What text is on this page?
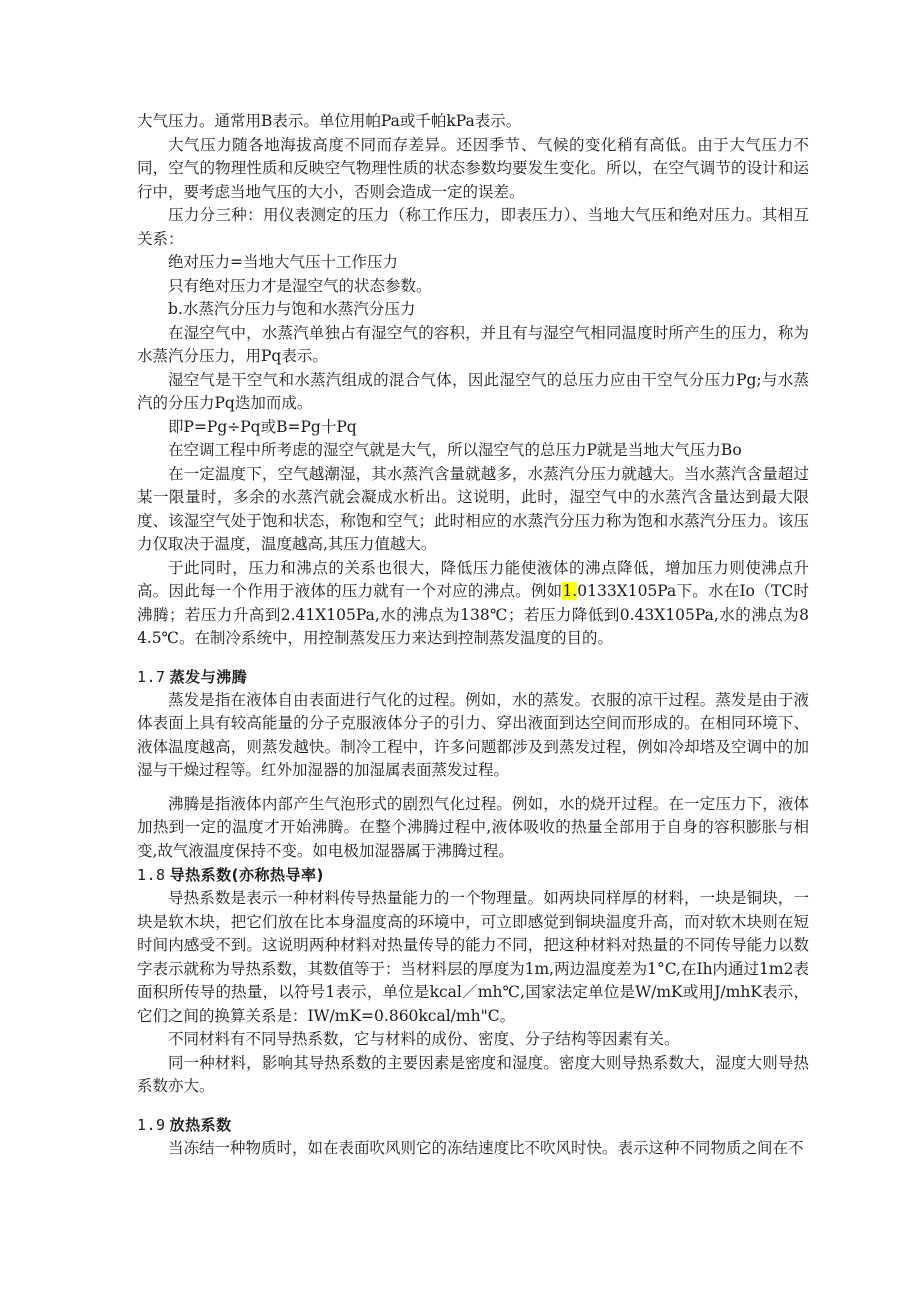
大气压力。通常用B表示。单位用帕Pa或千帕kPa表示。

大气压力随各地海拔高度不同而存差异。还因季节、气候的变化稍有高低。由于大气压力不同，空气的物理性质和反映空气物理性质的状态参数均要发生变化。所以，在空气调节的设计和运行中，要考虑当地气压的大小，否则会造成一定的误差。

压力分三种：用仪表测定的压力（称工作压力，即表压力）、当地大气压和绝对压力。其相互关系：

绝对压力=当地大气压十工作压力

只有绝对压力才是湿空气的状态参数。

b.水蒸汽分压力与饱和水蒸汽分压力

在湿空气中，水蒸汽单独占有湿空气的容积，并且有与湿空气相同温度时所产生的压力，称为水蒸汽分压力，用Pq表示。

湿空气是干空气和水蒸汽组成的混合气体，因此湿空气的总压力应由干空气分压力Pg;与水蒸汽的分压力Pq迭加而成。

即P=Pg÷Pq或B=Pg十Pq

在空调工程中所考虑的湿空气就是大气，所以湿空气的总压力P就是当地大气压力Bo

在一定温度下，空气越潮湿，其水蒸汽含量就越多，水蒸汽分压力就越大。当水蒸汽含量超过某一限量时，多余的水蒸汽就会凝成水析出。这说明，此时，湿空气中的水蒸汽含量达到最大限度、该湿空气处于饱和状态，称饱和空气；此时相应的水蒸汽分压力称为饱和水蒸汽分压力。该压力仅取决于温度，温度越高,其压力值越大。

于此同时，压力和沸点的关系也很大，降低压力能使液体的沸点降低，增加压力则使沸点升高。因此每一个作用于液体的压力就有一个对应的沸点。例如1.0133X105Pa下。水在Io（TC时沸腾；若压力升高到2.41X105Pa,水的沸点为138℃；若压力降低到0.43X105Pa,水的沸点为84.5℃。在制冷系统中，用控制蒸发压力来达到控制蒸发温度的目的。

1.7 蒸发与沸腾

蒸发是指在液体自由表面进行气化的过程。例如，水的蒸发。衣服的凉干过程。蒸发是由于液体表面上具有较高能量的分子克服液体分子的引力、穿出液面到达空间而形成的。在相同环境下、液体温度越高，则蒸发越快。制冷工程中，许多问题都涉及到蒸发过程，例如冷却塔及空调中的加湿与干燥过程等。红外加湿器的加湿属表面蒸发过程。

沸腾是指液体内部产生气泡形式的剧烈气化过程。例如，水的烧开过程。在一定压力下，液体加热到一定的温度才开始沸腾。在整个沸腾过程中,液体吸收的热量全部用于自身的容积膨胀与相变,故气液温度保持不变。如电极加湿器属于沸腾过程。

1.8 导热系数(亦称热导率)

导热系数是表示一种材料传导热量能力的一个物理量。如两块同样厚的材料，一块是铜块，一块是软木块，把它们放在比本身温度高的环境中，可立即感觉到铜块温度升高，而对软木块则在短时间内感受不到。这说明两种材料对热量传导的能力不同，把这种材料对热量的不同传导能力以数字表示就称为导热系数，其数值等于：当材料层的厚度为1m,两边温度差为1°C,在Ih内通过1m2表面积所传导的热量，以符号1表示，单位是kcal／mh℃,国家法定单位是W/mK或用J/mhK表示，它们之间的换算关系是：IW/mK=0.860kcal/mh"C。

不同材料有不同导热系数，它与材料的成份、密度、分子结构等因素有关。

同一种材料，影响其导热系数的主要因素是密度和湿度。密度大则导热系数大，湿度大则导热系数亦大。

1.9 放热系数

当冻结一种物质时，如在表面吹风则它的冻结速度比不吹风时快。表示这种不同物质之间在不
